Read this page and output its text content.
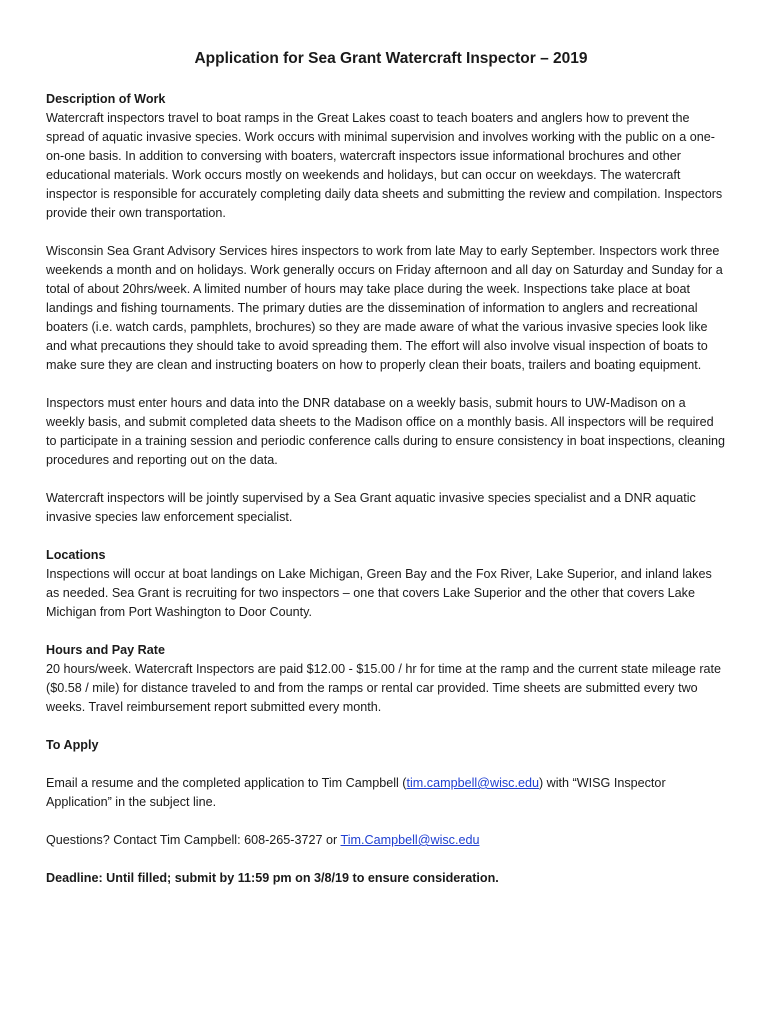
Application for Sea Grant Watercraft Inspector – 2019
Description of Work

Watercraft inspectors travel to boat ramps in the Great Lakes coast to teach boaters and anglers how to prevent the spread of aquatic invasive species. Work occurs with minimal supervision and involves working with the public on a one-on-one basis. In addition to conversing with boaters, watercraft inspectors issue informational brochures and other educational materials. Work occurs mostly on weekends and holidays, but can occur on weekdays. The watercraft inspector is responsible for accurately completing daily data sheets and submitting the review and compilation. Inspectors provide their own transportation.

Wisconsin Sea Grant Advisory Services hires inspectors to work from late May to early September. Inspectors work three weekends a month and on holidays. Work generally occurs on Friday afternoon and all day on Saturday and Sunday for a total of about 20hrs/week. A limited number of hours may take place during the week. Inspections take place at boat landings and fishing tournaments. The primary duties are the dissemination of information to anglers and recreational boaters (i.e. watch cards, pamphlets, brochures) so they are made aware of what the various invasive species look like and what precautions they should take to avoid spreading them. The effort will also involve visual inspection of boats to make sure they are clean and instructing boaters on how to properly clean their boats, trailers and boating equipment.

Inspectors must enter hours and data into the DNR database on a weekly basis, submit hours to UW-Madison on a weekly basis, and submit completed data sheets to the Madison office on a monthly basis. All inspectors will be required to participate in a training session and periodic conference calls during to ensure consistency in boat inspections, cleaning procedures and reporting out on the data.

Watercraft inspectors will be jointly supervised by a Sea Grant aquatic invasive species specialist and a DNR aquatic invasive species law enforcement specialist.

Locations

Inspections will occur at boat landings on Lake Michigan, Green Bay and the Fox River, Lake Superior, and inland lakes as needed. Sea Grant is recruiting for two inspectors – one that covers Lake Superior and the other that covers Lake Michigan from Port Washington to Door County.

Hours and Pay Rate

20 hours/week. Watercraft Inspectors are paid $12.00 - $15.00 / hr for time at the ramp and the current state mileage rate ($0.58 / mile) for distance traveled to and from the ramps or rental car provided. Time sheets are submitted every two weeks. Travel reimbursement report submitted every month.

To Apply

Email a resume and the completed application to Tim Campbell (tim.campbell@wisc.edu) with “WISG Inspector Application” in the subject line.

Questions? Contact Tim Campbell: 608-265-3727 or Tim.Campbell@wisc.edu

Deadline: Until filled; submit by 11:59 pm on 3/8/19 to ensure consideration.
